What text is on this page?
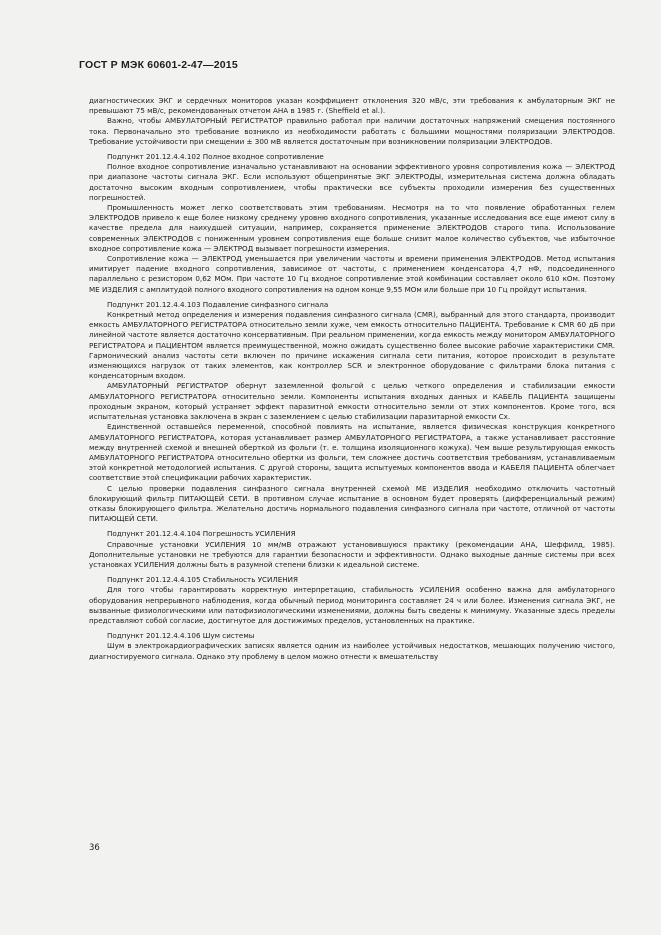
ГОСТ Р МЭК 60601-2-47—2015

диагностических ЭКГ и сердечных мониторов указан коэффициент отклонения 320 мВ/с, эти требования к амбулаторным ЭКГ не превышают 75 мВ/с, рекомендованных отчетом АНА в 1985 г. (Sheffield et al.).

Важно, чтобы АМБУЛАТОРНЫЙ РЕГИСТРАТОР правильно работал при наличии достаточных напряжений смещения постоянного тока. Первоначально это требование возникло из необходимости работать с большими мощностями поляризации ЭЛЕКТРОДОВ. Требование устойчивости при смещении ± 300 мВ является достаточным при возникновении поляризации ЭЛЕКТРОДОВ.

Подпункт 201.12.4.4.102 Полное входное сопротивление

Полное входное сопротивление изначально устанавливают на основании эффективного уровня сопротивления кожа — ЭЛЕКТРОД при диапазоне частоты сигнала ЭКГ. Если используют общепринятые ЭКГ ЭЛЕКТРОДЫ, измерительная система должна обладать достаточно высоким входным сопротивлением, чтобы практически все субъекты проходили измерения без существенных погрешностей.

Промышленность может легко соответствовать этим требованиям. Несмотря на то что появление обработанных гелем ЭЛЕКТРОДОВ привело к еще более низкому среднему уровню входного сопротивления, указанные исследования все еще имеют силу в качестве предела для наихудшей ситуации, например, сохраняется применение ЭЛЕКТРОДОВ старого типа. Использование современных ЭЛЕКТРОДОВ с пониженным уровнем сопротивления еще больше снизит малое количество субъектов, чье избыточное входное сопротивление кожа — ЭЛЕКТРОД вызывает погрешности измерения.

Сопротивление кожа — ЭЛЕКТРОД уменьшается при увеличении частоты и времени применения ЭЛЕКТРОДОВ. Метод испытания имитирует падение входного сопротивления, зависимое от частоты, с применением конденсатора 4,7 нФ, подсоединенного параллельно с резистором 0,62 МОм. При частоте 10 Гц входное сопротивление этой комбинации составляет около 610 кОм. Поэтому МЕ ИЗДЕЛИЯ с амплитудой полного входного сопротивления на одном конце 9,55 МОм или больше при 10 Гц пройдут испытания.

Подпункт 201.12.4.4.103 Подавление синфазного сигнала

Конкретный метод определения и измерения подавления синфазного сигнала (CMR), выбранный для этого стандарта, производит емкость АМБУЛАТОРНОГО РЕГИСТРАТОРА относительно земли хуже, чем емкость относительно ПАЦИЕНТА. Требование к CMR 60 дБ при линейной частоте является достаточно консервативным. При реальном применении, когда емкость между монитором АМБУЛАТОРНОГО РЕГИСТРАТОРА и ПАЦИЕНТОМ является преимущественной, можно ожидать существенно более высокие рабочие характеристики CMR. Гармонический анализ частоты сети включен по причине искажения сигнала сети питания, которое происходит в результате изменяющихся нагрузок от таких элементов, как контроллер SCR и электронное оборудование с фильтрами блока питания с конденсаторным входом.

АМБУЛАТОРНЫЙ РЕГИСТРАТОР обернут заземленной фольгой с целью четкого определения и стабилизации емкости АМБУЛАТОРНОГО РЕГИСТРАТОРА относительно земли. Компоненты испытания входных данных и КАБЕЛЬ ПАЦИЕНТА защищены проходным экраном, который устраняет эффект паразитной емкости относительно земли от этих компонентов. Кроме того, вся испытательная установка заключена в экран с заземлением с целью стабилизации паразитарной емкости Cx.

Единственной оставшейся переменной, способной повлиять на испытание, является физическая конструкция конкретного АМБУЛАТОРНОГО РЕГИСТРАТОРА, которая устанавливает размер АМБУЛАТОРНОГО РЕГИСТРАТОРА, а также устанавливает расстояние между внутренней схемой и внешней оберткой из фольги (т. е. толщина изоляционного кожуха). Чем выше результирующая емкость АМБУЛАТОРНОГО РЕГИСТРАТОРА относительно обертки из фольги, тем сложнее достичь соответствия требованиям, устанавливаемым этой конкретной методологией испытания. С другой стороны, защита испытуемых компонентов ввода и КАБЕЛЯ ПАЦИЕНТА облегчает соответствие этой спецификации рабочих характеристик.

С целью проверки подавления синфазного сигнала внутренней схемой МЕ ИЗДЕЛИЯ необходимо отключить частотный блокирующий фильтр ПИТАЮЩЕЙ СЕТИ. В противном случае испытание в основном будет проверять (дифференциальный режим) отказы блокирующего фильтра. Желательно достичь нормального подавления синфазного сигнала при частоте, отличной от частоты ПИТАЮЩЕЙ СЕТИ.

Подпункт 201.12.4.4.104 Погрешность УСИЛЕНИЯ

Справочные установки УСИЛЕНИЯ 10 мм/мВ отражают установившуюся практику (рекомендации АНА, Шеффилд, 1985). Дополнительные установки не требуются для гарантии безопасности и эффективности. Однако выходные данные системы при всех установках УСИЛЕНИЯ должны быть в разумной степени близки к идеальной системе.

Подпункт 201.12.4.4.105 Стабильность УСИЛЕНИЯ

Для того чтобы гарантировать корректную интерпретацию, стабильность УСИЛЕНИЯ особенно важна для амбулаторного оборудования непрерывного наблюдения, когда обычный период мониторинга составляет 24 ч или более. Изменения сигнала ЭКГ, не вызванные физиологическими или патофизиологическими изменениями, должны быть сведены к минимуму. Указанные здесь пределы представляют собой согласие, достигнутое для достижимых пределов, установленных на практике.

Подпункт 201.12.4.4.106 Шум системы

Шум в электрокардиографических записях является одним из наиболее устойчивых недостатков, мешающих получению чистого, диагностируемого сигнала. Однако эту проблему в целом можно отнести к вмешательству

36
